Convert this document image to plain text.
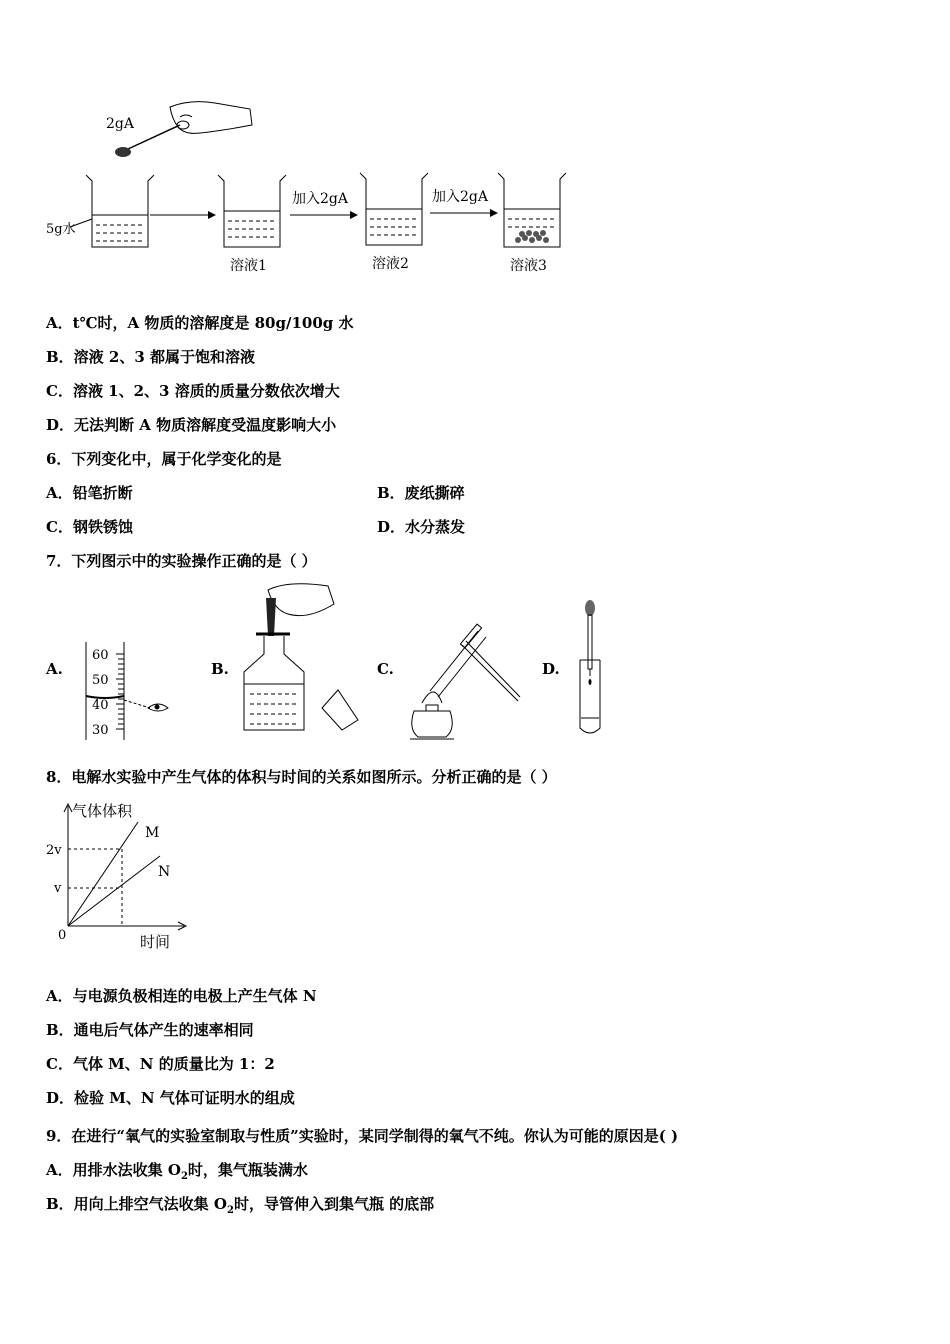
2gA
5g水
溶液1
加入2gA
溶液2
加入2gA
溶液3
A．t℃时，A 物质的溶解度是 80g/100g 水
B．溶液 2、3 都属于饱和溶液
C．溶液 1、2、3 溶质的质量分数依次增大
D．无法判断 A 物质溶解度受温度影响大小
6．下列变化中，属于化学变化的是
A．铅笔折断	B．废纸撕碎
C．钢铁锈蚀	D．水分蒸发
7．下列图示中的实验操作正确的是（ ）
A.
60
50
40
30
B.	C.	D.
8．电解水实验中产生气体的体积与时间的关系如图所示。分析正确的是（ ）
气体体积
时间
0
2v
v
M
N
A．与电源负极相连的电极上产生气体 N
B．通电后气体产生的速率相同
C．气体 M、N 的质量比为 1：2
D．检验 M、N 气体可证明水的组成
9．在进行“氧气的实验室制取与性质”实验时，某同学制得的氧气不纯。你认为可能的原因是( )
A．用排水法收集 $O_2$时，集气瓶装满水
B．用向上排空气法收集 $O_2$时，导管伸入到集气瓶 的底部
